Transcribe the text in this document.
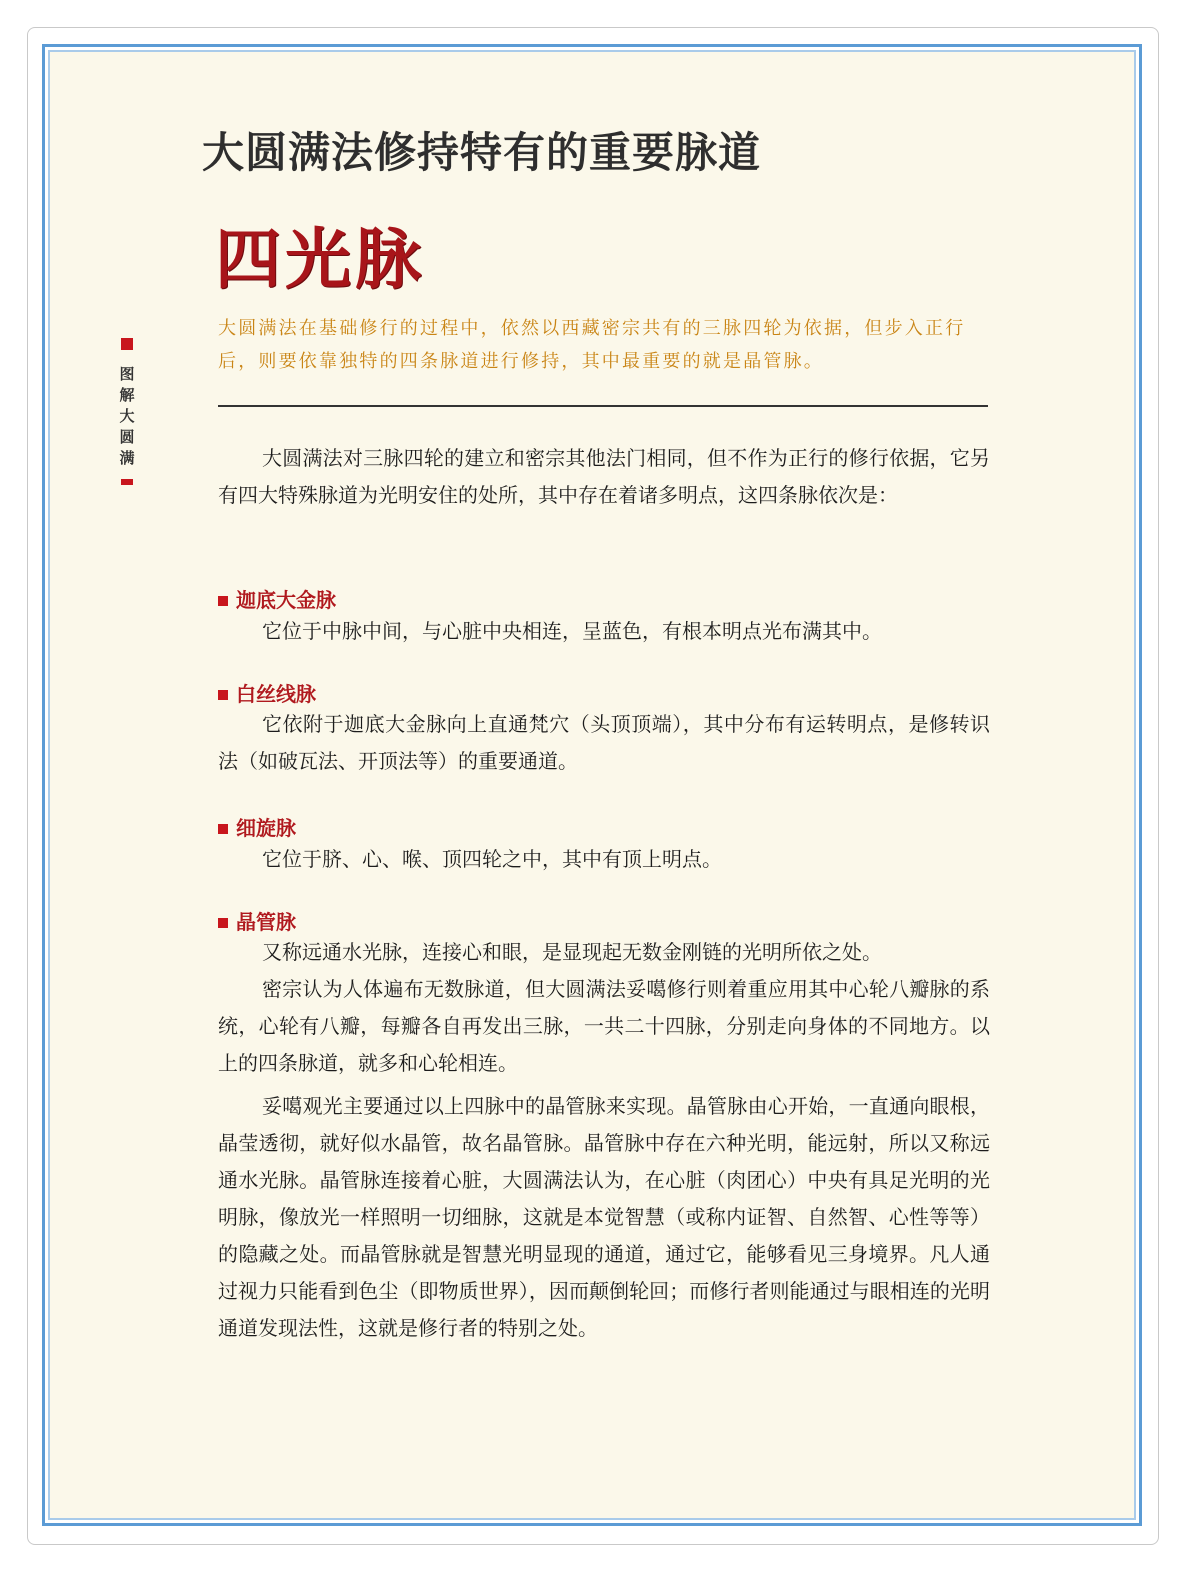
图解大圆满
大圆满法修持特有的重要脉道
四光脉
大圆满法在基础修行的过程中，依然以西藏密宗共有的三脉四轮为依据，但步入正行后，则要依靠独特的四条脉道进行修持，其中最重要的就是晶管脉。
大圆满法对三脉四轮的建立和密宗其他法门相同，但不作为正行的修行依据，它另有四大特殊脉道为光明安住的处所，其中存在着诸多明点，这四条脉依次是：
迦底大金脉
它位于中脉中间，与心脏中央相连，呈蓝色，有根本明点光布满其中。
白丝线脉
它依附于迦底大金脉向上直通梵穴（头顶顶端），其中分布有运转明点，是修转识法（如破瓦法、开顶法等）的重要通道。
细旋脉
它位于脐、心、喉、顶四轮之中，其中有顶上明点。
晶管脉
又称远通水光脉，连接心和眼，是显现起无数金刚链的光明所依之处。
密宗认为人体遍布无数脉道，但大圆满法妥噶修行则着重应用其中心轮八瓣脉的系统，心轮有八瓣，每瓣各自再发出三脉，一共二十四脉，分别走向身体的不同地方。以上的四条脉道，就多和心轮相连。
妥噶观光主要通过以上四脉中的晶管脉来实现。晶管脉由心开始，一直通向眼根，晶莹透彻，就好似水晶管，故名晶管脉。晶管脉中存在六种光明，能远射，所以又称远通水光脉。晶管脉连接着心脏，大圆满法认为，在心脏（肉团心）中央有具足光明的光明脉，像放光一样照明一切细脉，这就是本觉智慧（或称内证智、自然智、心性等等）的隐藏之处。而晶管脉就是智慧光明显现的通道，通过它，能够看见三身境界。凡人通过视力只能看到色尘（即物质世界），因而颠倒轮回；而修行者则能通过与眼相连的光明通道发现法性，这就是修行者的特别之处。
